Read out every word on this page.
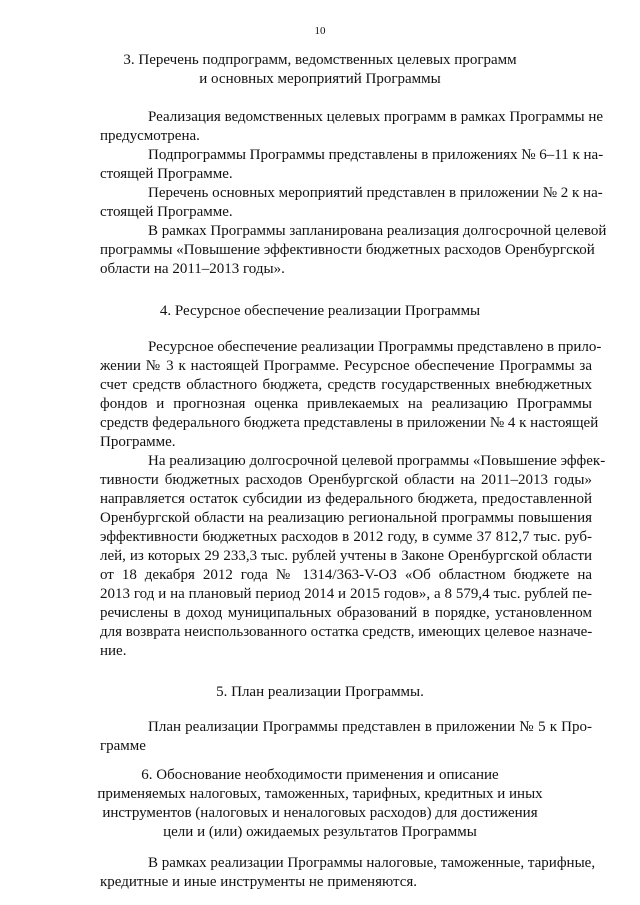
10
3. Перечень подпрограмм, ведомственных целевых программ
и основных мероприятий Программы
Реализация ведомственных целевых программ в рамках Программы не
предусмотрена.
Подпрограммы Программы представлены в приложениях № 6–11 к на-
стоящей Программе.
Перечень основных мероприятий представлен в приложении № 2 к на-
стоящей Программе.
В рамках Программы запланирована реализация долгосрочной целевой
программы «Повышение эффективности бюджетных расходов Оренбургской
области на 2011–2013 годы».
4. Ресурсное обеспечение реализации Программы
Ресурсное обеспечение реализации Программы представлено в прило-
жении № 3 к настоящей Программе. Ресурсное обеспечение Программы за
счет средств областного бюджета, средств государственных внебюджетных
фондов и прогнозная оценка привлекаемых на реализацию Программы
средств федерального бюджета представлены в приложении № 4 к настоящей
Программе.
На реализацию долгосрочной целевой программы «Повышение эффек-
тивности бюджетных расходов Оренбургской области на 2011–2013 годы»
направляется остаток субсидии из федерального бюджета, предоставленной
Оренбургской области на реализацию региональной программы повышения
эффективности бюджетных расходов в 2012 году, в сумме 37 812,7 тыс. руб-
лей, из которых 29 233,3 тыс. рублей учтены в Законе Оренбургской области
от 18 декабря 2012 года № 1314/363-V-ОЗ «Об областном бюджете на
2013 год и на плановый период 2014 и 2015 годов», а 8 579,4 тыс. рублей пе-
речислены в доход муниципальных образований в порядке, установленном
для возврата неиспользованного остатка средств, имеющих целевое назначе-
ние.
5. План реализации Программы.
План реализации Программы представлен в приложении № 5 к Про-
грамме
6. Обоснование необходимости применения и описание
применяемых налоговых, таможенных, тарифных, кредитных и иных
инструментов (налоговых и неналоговых расходов) для достижения
цели и (или) ожидаемых результатов Программы
В рамках реализации Программы налоговые, таможенные, тарифные,
кредитные и иные инструменты не применяются.
